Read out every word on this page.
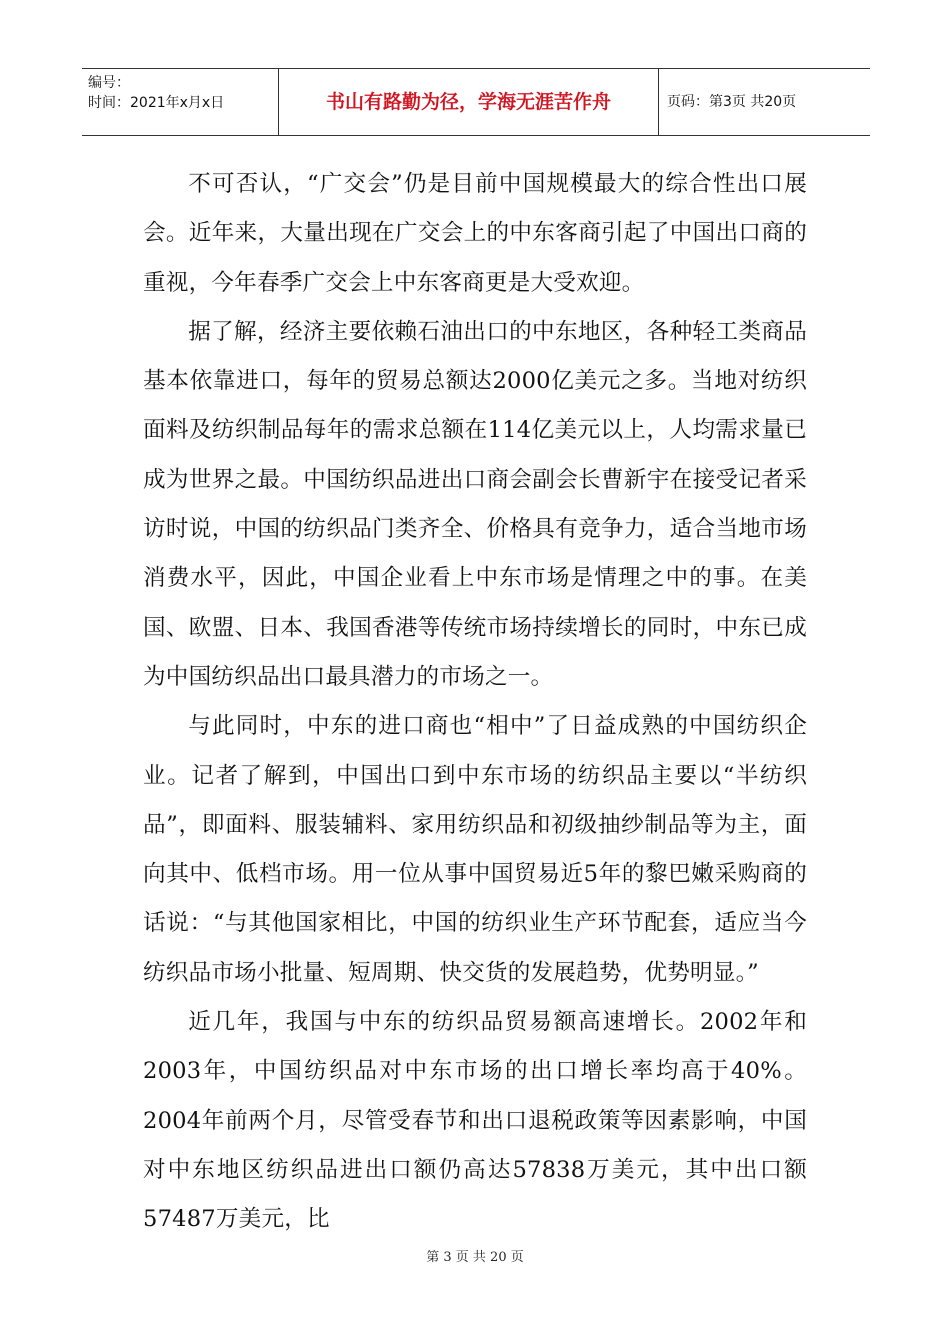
编号：
时间：2021年x月x日	书山有路勤为径，学海无涯苦作舟	页码：第3页 共20页

不可否认，“广交会”仍是目前中国规模最大的综合性出口展会。近年来，大量出现在广交会上的中东客商引起了中国出口商的重视，今年春季广交会上中东客商更是大受欢迎。

据了解，经济主要依赖石油出口的中东地区，各种轻工类商品基本依靠进口，每年的贸易总额达2000亿美元之多。当地对纺织面料及纺织制品每年的需求总额在114亿美元以上，人均需求量已成为世界之最。中国纺织品进出口商会副会长曹新宇在接受记者采访时说，中国的纺织品门类齐全、价格具有竞争力，适合当地市场消费水平，因此，中国企业看上中东市场是情理之中的事。在美国、欧盟、日本、我国香港等传统市场持续增长的同时，中东已成为中国纺织品出口最具潜力的市场之一。

与此同时，中东的进口商也“相中”了日益成熟的中国纺织企业。记者了解到，中国出口到中东市场的纺织品主要以“半纺织品”，即面料、服装辅料、家用纺织品和初级抽纱制品等为主，面向其中、低档市场。用一位从事中国贸易近5年的黎巴嫩采购商的话说：“与其他国家相比，中国的纺织业生产环节配套，适应当今纺织品市场小批量、短周期、快交货的发展趋势，优势明显。”

近几年，我国与中东的纺织品贸易额高速增长。2002年和2003年，中国纺织品对中东市场的出口增长率均高于40%。2004年前两个月，尽管受春节和出口退税政策等因素影响，中国对中东地区纺织品进出口额仍高达57838万美元，其中出口额57487万美元，比

第 3 页 共 20 页
